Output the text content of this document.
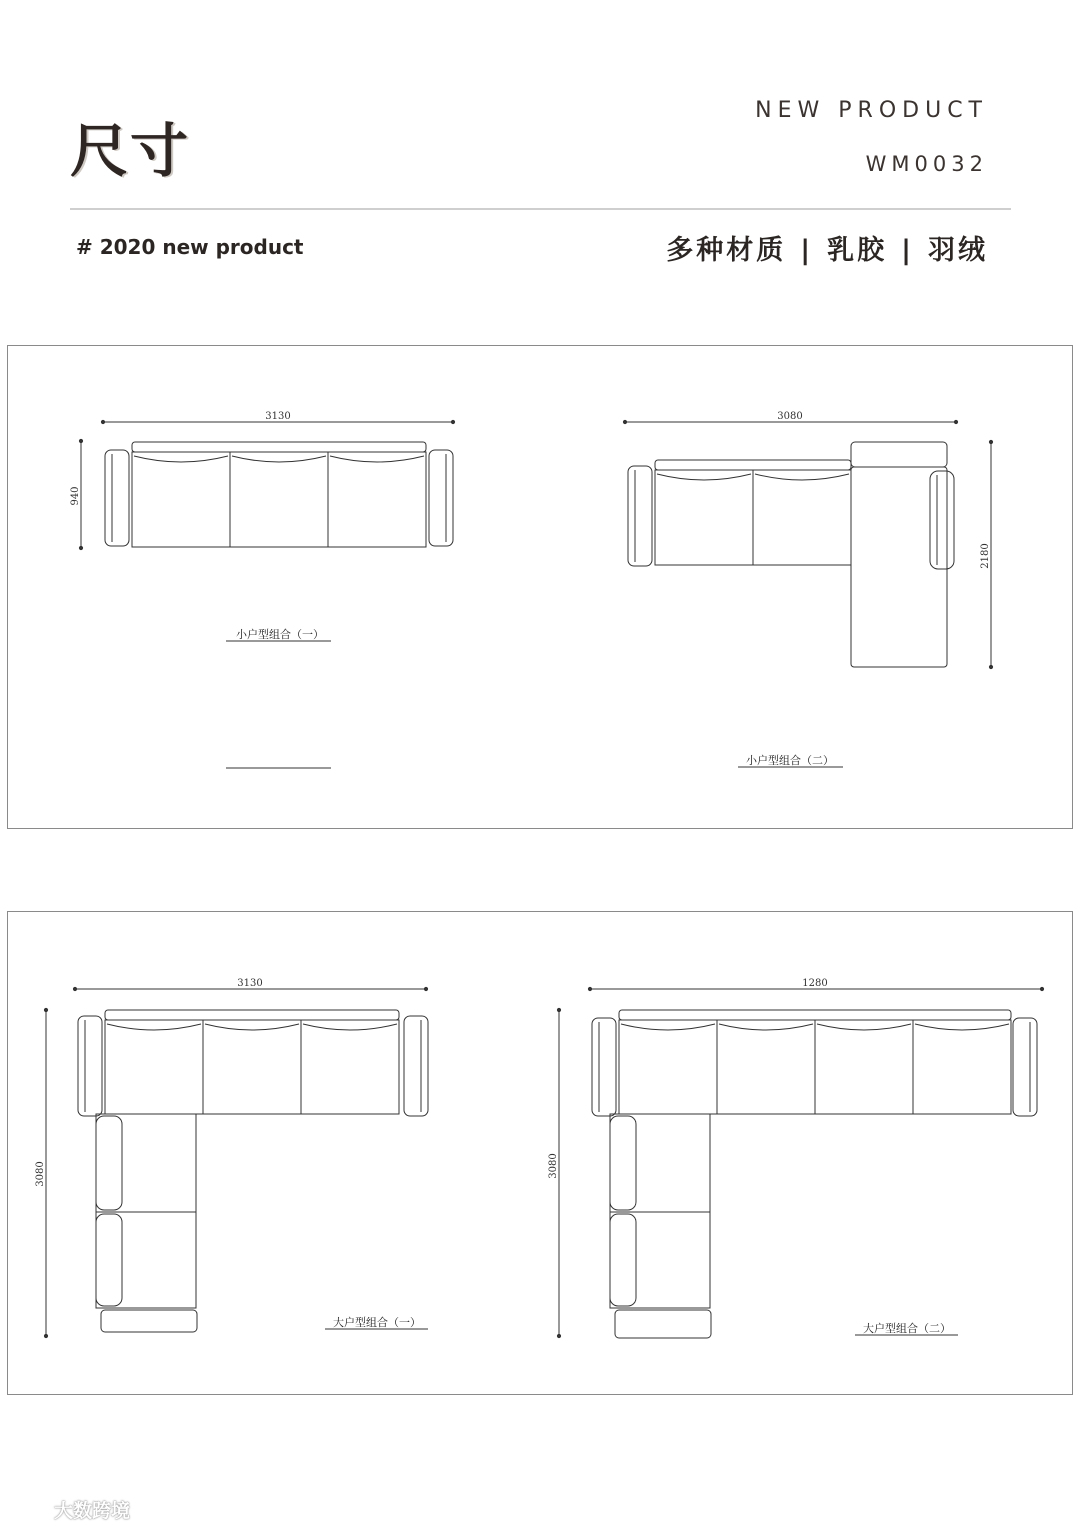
尺寸
NEW PRODUCT
WM0032
# 2020 new product	多种材质 | 乳胶 | 羽绒
3130
940
小户型组合（一）
3080
2180
小户型组合（二）
3130
3080
大户型组合（一）
1280
3080
大户型组合（二）
大数跨境
